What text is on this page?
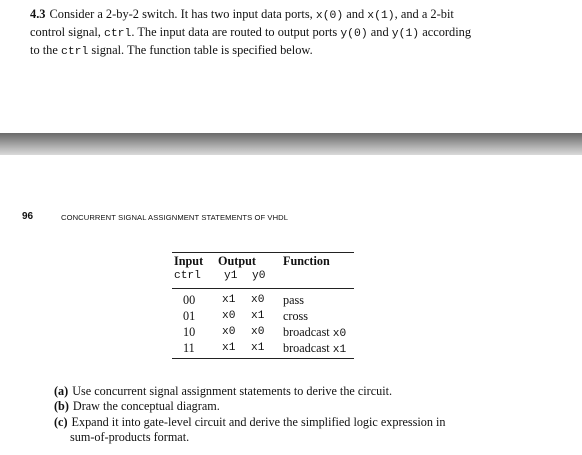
4.3 Consider a 2-by-2 switch. It has two input data ports, x(0) and x(1), and a 2-bit
control signal, ctrl. The input data are routed to output ports y(0) and y(1) according
to the ctrl signal. The function table is specified below.
96	CONCURRENT SIGNAL ASSIGNMENT STATEMENTS OF VHDL
Input Output Function
ctrl y1 y0
00 x1 x0 pass
01 x0 x1 cross
10 x0 x0 broadcast x0
11 x1 x1 broadcast x1
(a) Use concurrent signal assignment statements to derive the circuit.
(b) Draw the conceptual diagram.
(c) Expand it into gate-level circuit and derive the simplified logic expression in
sum-of-products format.
